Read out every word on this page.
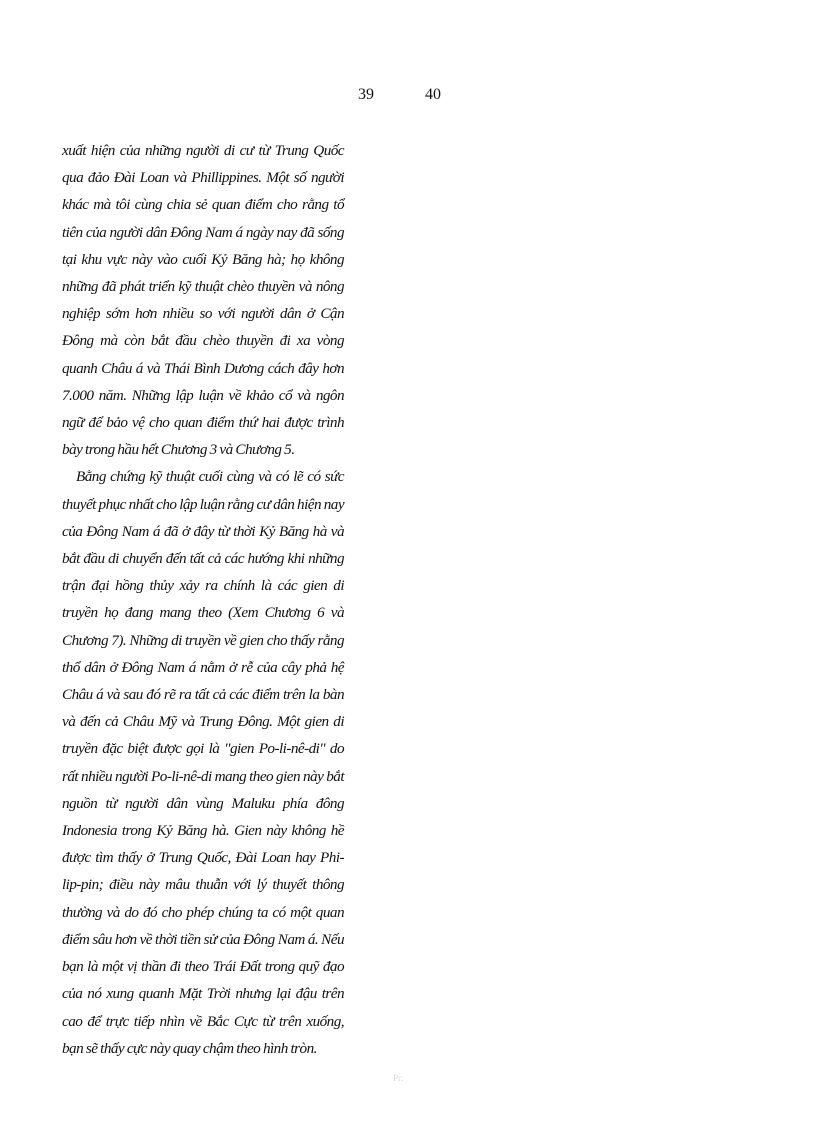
39	40

xuất hiện của những người di cư từ Trung Quốc qua đảo Đài Loan và Phillippines. Một số người khác mà tôi cùng chia sẻ quan điểm cho rằng tổ tiên của người dân Đông Nam á ngày nay đã sống tại khu vực này vào cuối Kỷ Băng hà; họ không những đã phát triển kỹ thuật chèo thuyền và nông nghiệp sớm hơn nhiều so với người dân ở Cận Đông mà còn bắt đầu chèo thuyền đi xa vòng quanh Châu á và Thái Bình Dương cách đây hơn 7.000 năm. Những lập luận về khảo cổ và ngôn ngữ để bảo vệ cho quan điểm thứ hai được trình bày trong hầu hết Chương 3 và Chương 5.

Bằng chứng kỹ thuật cuối cùng và có lẽ có sức thuyết phục nhất cho lập luận rằng cư dân hiện nay của Đông Nam á đã ở đây từ thời Kỷ Băng hà và bắt đầu di chuyển đến tất cả các hướng khi những trận đại hồng thủy xảy ra chính là các gien di truyền họ đang mang theo (Xem Chương 6 và Chương 7). Những di truyền về gien cho thấy rằng thổ dân ở Đông Nam á nằm ở rễ của cây phả hệ Châu á và sau đó rẽ ra tất cả các điểm trên la bàn và đến cả Châu Mỹ và Trung Đông. Một gien di truyền đặc biệt được gọi là "gien Po-li-nê-di" do rất nhiều người Po-li-nê-di mang theo gien này bắt nguồn từ người dân vùng Maluku phía đông Indonesia trong Kỷ Băng hà. Gien này không hề được tìm thấy ở Trung Quốc, Đài Loan hay Phi-lip-pin; điều này mâu thuẫn với lý thuyết thông thường và do đó cho phép chúng ta có một quan điểm sâu hơn về thời tiền sử của Đông Nam á. Nếu bạn là một vị thần đi theo Trái Đất trong quỹ đạo của nó xung quanh Mặt Trời nhưng lại đậu trên cao để trực tiếp nhìn về Bắc Cực từ trên xuống, bạn sẽ thấy cực này quay chậm theo hình tròn.

Pr:
